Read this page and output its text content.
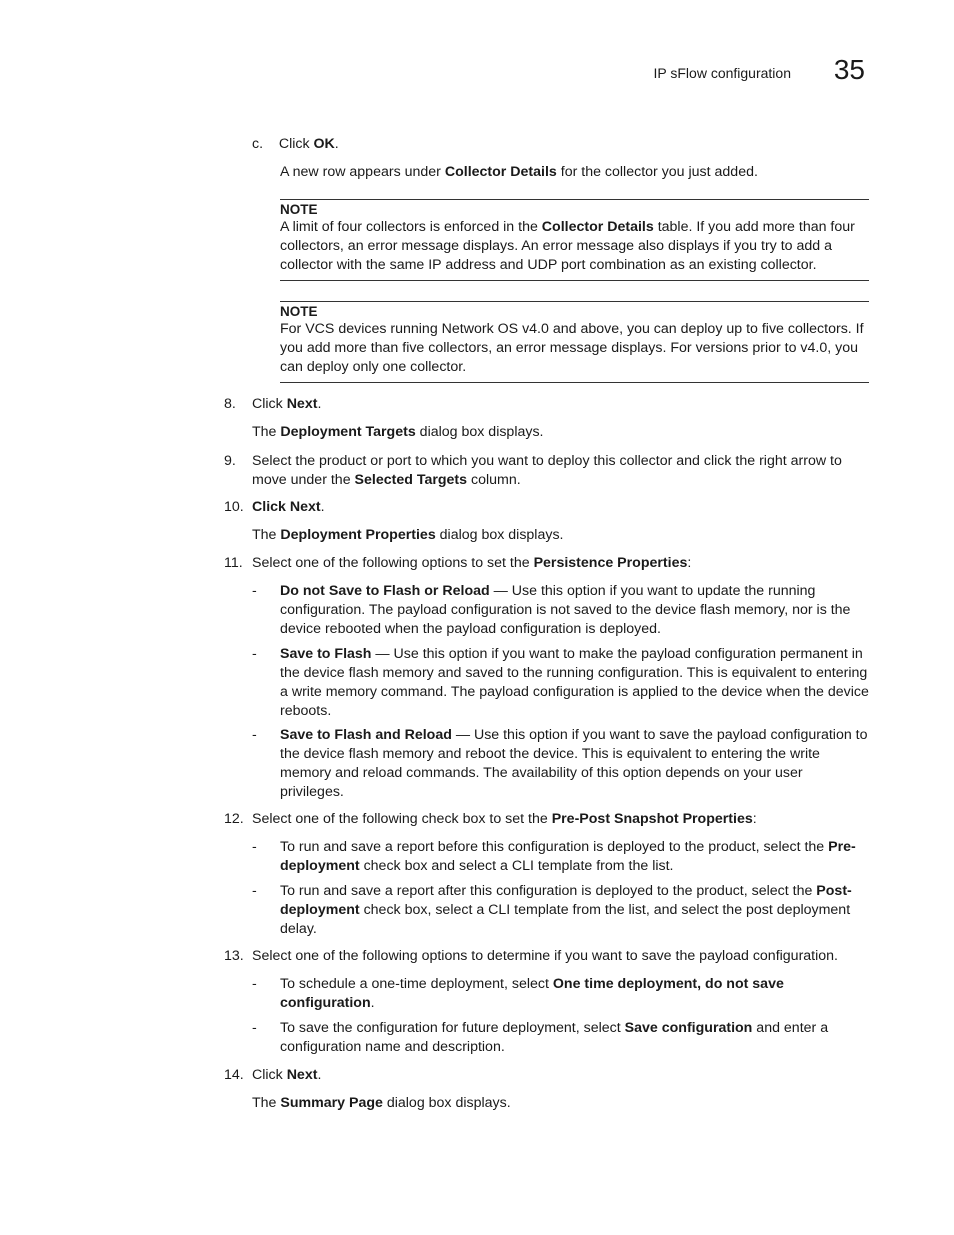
IP sFlow configuration 35
c. Click OK.
A new row appears under Collector Details for the collector you just added.
NOTE
A limit of four collectors is enforced in the Collector Details table. If you add more than four collectors, an error message displays. An error message also displays if you try to add a collector with the same IP address and UDP port combination as an existing collector.
NOTE
For VCS devices running Network OS v4.0 and above, you can deploy up to five collectors. If you add more than five collectors, an error message displays. For versions prior to v4.0, you can deploy only one collector.
8. Click Next.
The Deployment Targets dialog box displays.
9. Select the product or port to which you want to deploy this collector and click the right arrow to move under the Selected Targets column.
10. Click Next.
The Deployment Properties dialog box displays.
11. Select one of the following options to set the Persistence Properties:
- Do not Save to Flash or Reload — Use this option if you want to update the running configuration. The payload configuration is not saved to the device flash memory, nor is the device rebooted when the payload configuration is deployed.
- Save to Flash — Use this option if you want to make the payload configuration permanent in the device flash memory and saved to the running configuration. This is equivalent to entering a write memory command. The payload configuration is applied to the device when the device reboots.
- Save to Flash and Reload — Use this option if you want to save the payload configuration to the device flash memory and reboot the device. This is equivalent to entering the write memory and reload commands. The availability of this option depends on your user privileges.
12. Select one of the following check box to set the Pre-Post Snapshot Properties:
- To run and save a report before this configuration is deployed to the product, select the Pre-deployment check box and select a CLI template from the list.
- To run and save a report after this configuration is deployed to the product, select the Post-deployment check box, select a CLI template from the list, and select the post deployment delay.
13. Select one of the following options to determine if you want to save the payload configuration.
- To schedule a one-time deployment, select One time deployment, do not save configuration.
- To save the configuration for future deployment, select Save configuration and enter a configuration name and description.
14. Click Next.
The Summary Page dialog box displays.
